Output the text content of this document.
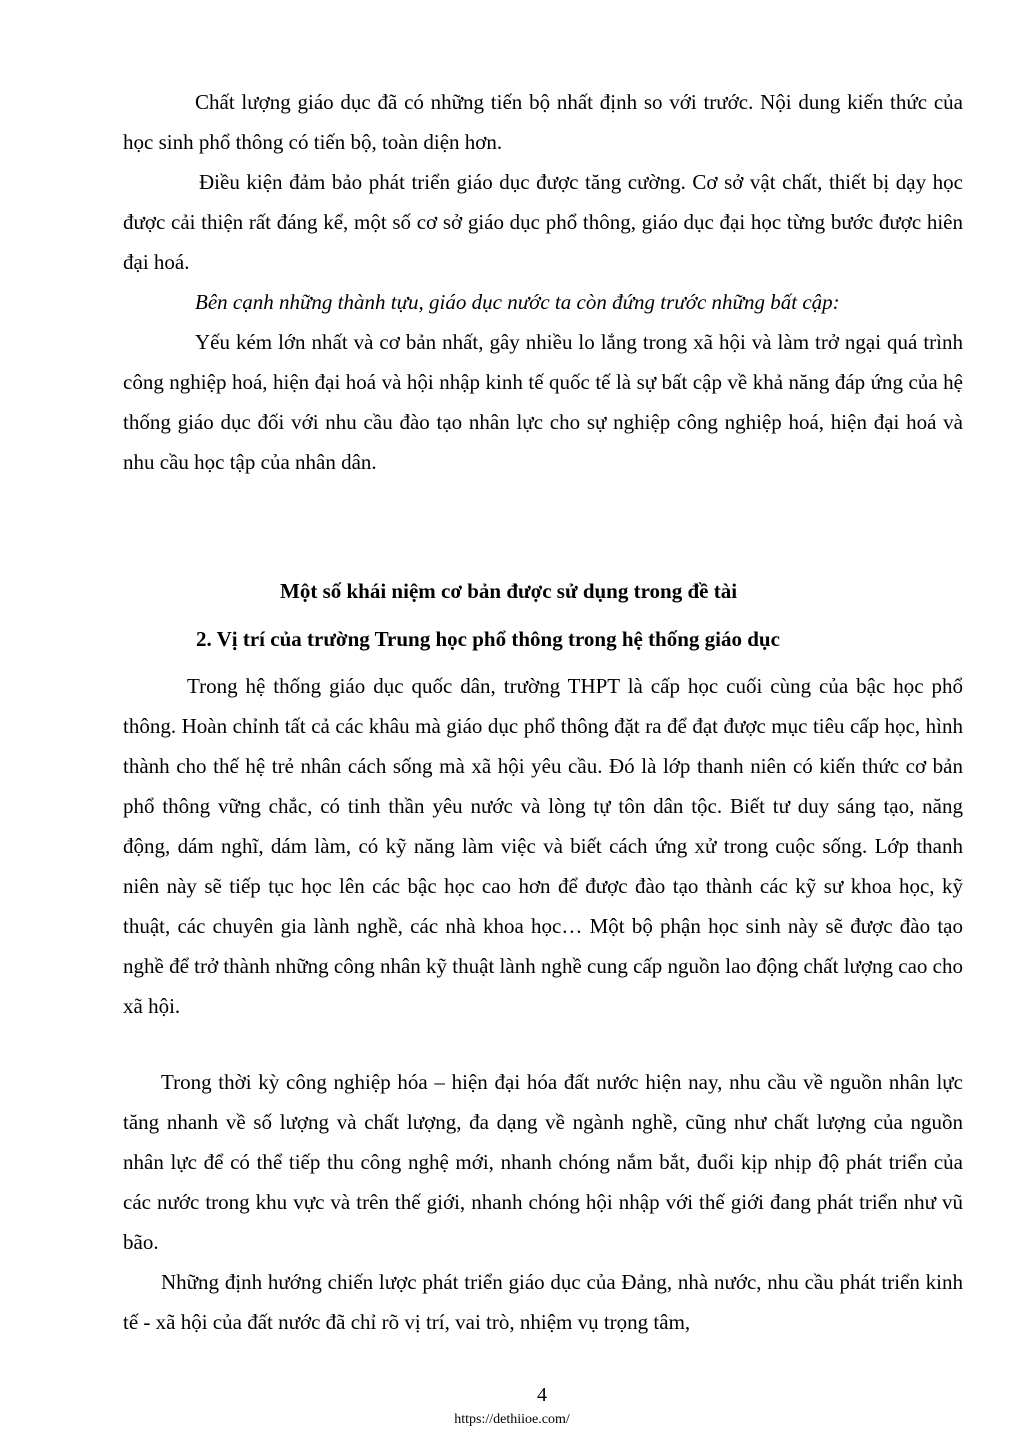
Chất lượng giáo dục đã có những tiến bộ nhất định so với trước. Nội dung kiến thức của học sinh phổ thông có tiến bộ, toàn diện hơn.

Điều kiện đảm bảo phát triển giáo dục được tăng cường. Cơ sở vật chất, thiết bị dạy học được cải thiện rất đáng kể, một số cơ sở giáo dục phổ thông, giáo dục đại học từng bước được hiên đại hoá.

Bên cạnh những thành tựu, giáo dục nước ta còn đứng trước những bất cập:

Yếu kém lớn nhất và cơ bản nhất, gây nhiều lo lắng trong xã hội và làm trở ngại quá trình công nghiệp hoá, hiện đại hoá và hội nhập kinh tế quốc tế là sự bất cập về khả năng đáp ứng của hệ thống giáo dục đối với nhu cầu đào tạo nhân lực cho sự nghiệp công nghiệp hoá, hiện đại hoá và nhu cầu học tập của nhân dân.

Một số khái niệm cơ bản được sử dụng trong đề tài

2. Vị trí của trường Trung học phổ thông trong hệ thống giáo dục

Trong hệ thống giáo dục quốc dân, trường THPT là cấp học cuối cùng của bậc học phổ thông. Hoàn chỉnh tất cả các khâu mà giáo dục phổ thông đặt ra để đạt được mục tiêu cấp học, hình thành cho thế hệ trẻ nhân cách sống mà xã hội yêu cầu. Đó là lớp thanh niên có kiến thức cơ bản phổ thông vững chắc, có tinh thần yêu nước và lòng tự tôn dân tộc. Biết tư duy sáng tạo, năng động, dám nghĩ, dám làm, có kỹ năng làm việc và biết cách ứng xử trong cuộc sống. Lớp thanh niên này sẽ tiếp tục học lên các bậc học cao hơn để được đào tạo thành các kỹ sư khoa học, kỹ thuật, các chuyên gia lành nghề, các nhà khoa học… Một bộ phận học sinh này sẽ được đào tạo nghề để trở thành những công nhân kỹ thuật lành nghề cung cấp nguồn lao động chất lượng cao cho xã hội.

Trong thời kỳ công nghiệp hóa – hiện đại hóa đất nước hiện nay, nhu cầu về nguồn nhân lực tăng nhanh về số lượng và chất lượng, đa dạng về ngành nghề, cũng như chất lượng của nguồn nhân lực để có thể tiếp thu công nghệ mới, nhanh chóng nắm bắt, đuổi kịp nhịp độ phát triển của các nước trong khu vực và trên thế giới, nhanh chóng hội nhập với thế giới đang phát triển như vũ bão.

Những định hướng chiến lược phát triển giáo dục của Đảng, nhà nước, nhu cầu phát triển kinh tế - xã hội của đất nước đã chỉ rõ vị trí, vai trò, nhiệm vụ trọng tâm,

4

https://dethiioe.com/
